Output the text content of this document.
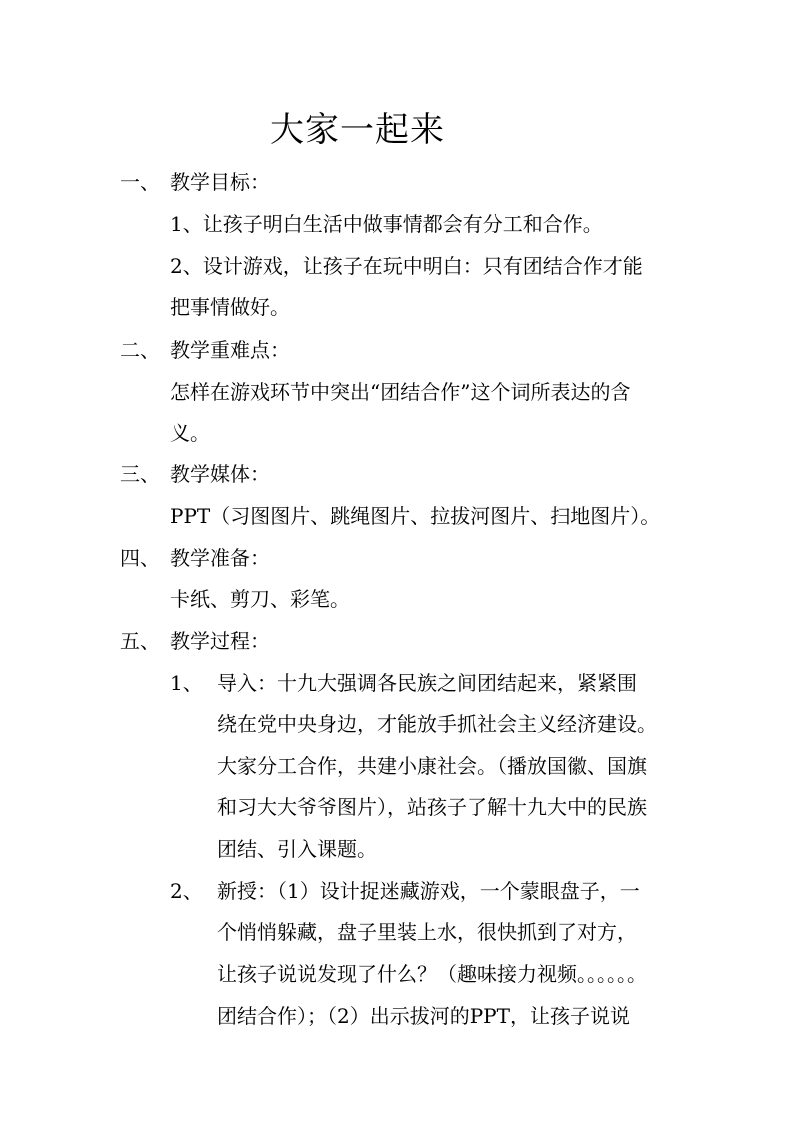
大家一起来
一、 教学目标：
1、让孩子明白生活中做事情都会有分工和合作。
2、设计游戏，让孩子在玩中明白：只有团结合作才能
把事情做好。
二、 教学重难点：
怎样在游戏环节中突出“团结合作”这个词所表达的含
义。
三、 教学媒体：
PPT（习图图片、跳绳图片、拉拔河图片、扫地图片）。
四、 教学准备：
卡纸、剪刀、彩笔。
五、 教学过程：
1、 导入：十九大强调各民族之间团结起来，紧紧围
绕在党中央身边，才能放手抓社会主义经济建设。
大家分工合作，共建小康社会。（播放国徽、国旗
和习大大爷爷图片），站孩子了解十九大中的民族
团结、引入课题。
2、 新授：（1）设计捉迷藏游戏，一个蒙眼盘子，一
个悄悄躲藏，盘子里装上水，很快抓到了对方，
让孩子说说发现了什么？（趣味接力视频。。。。。。
团结合作）；（2）出示拔河的PPT，让孩子说说
